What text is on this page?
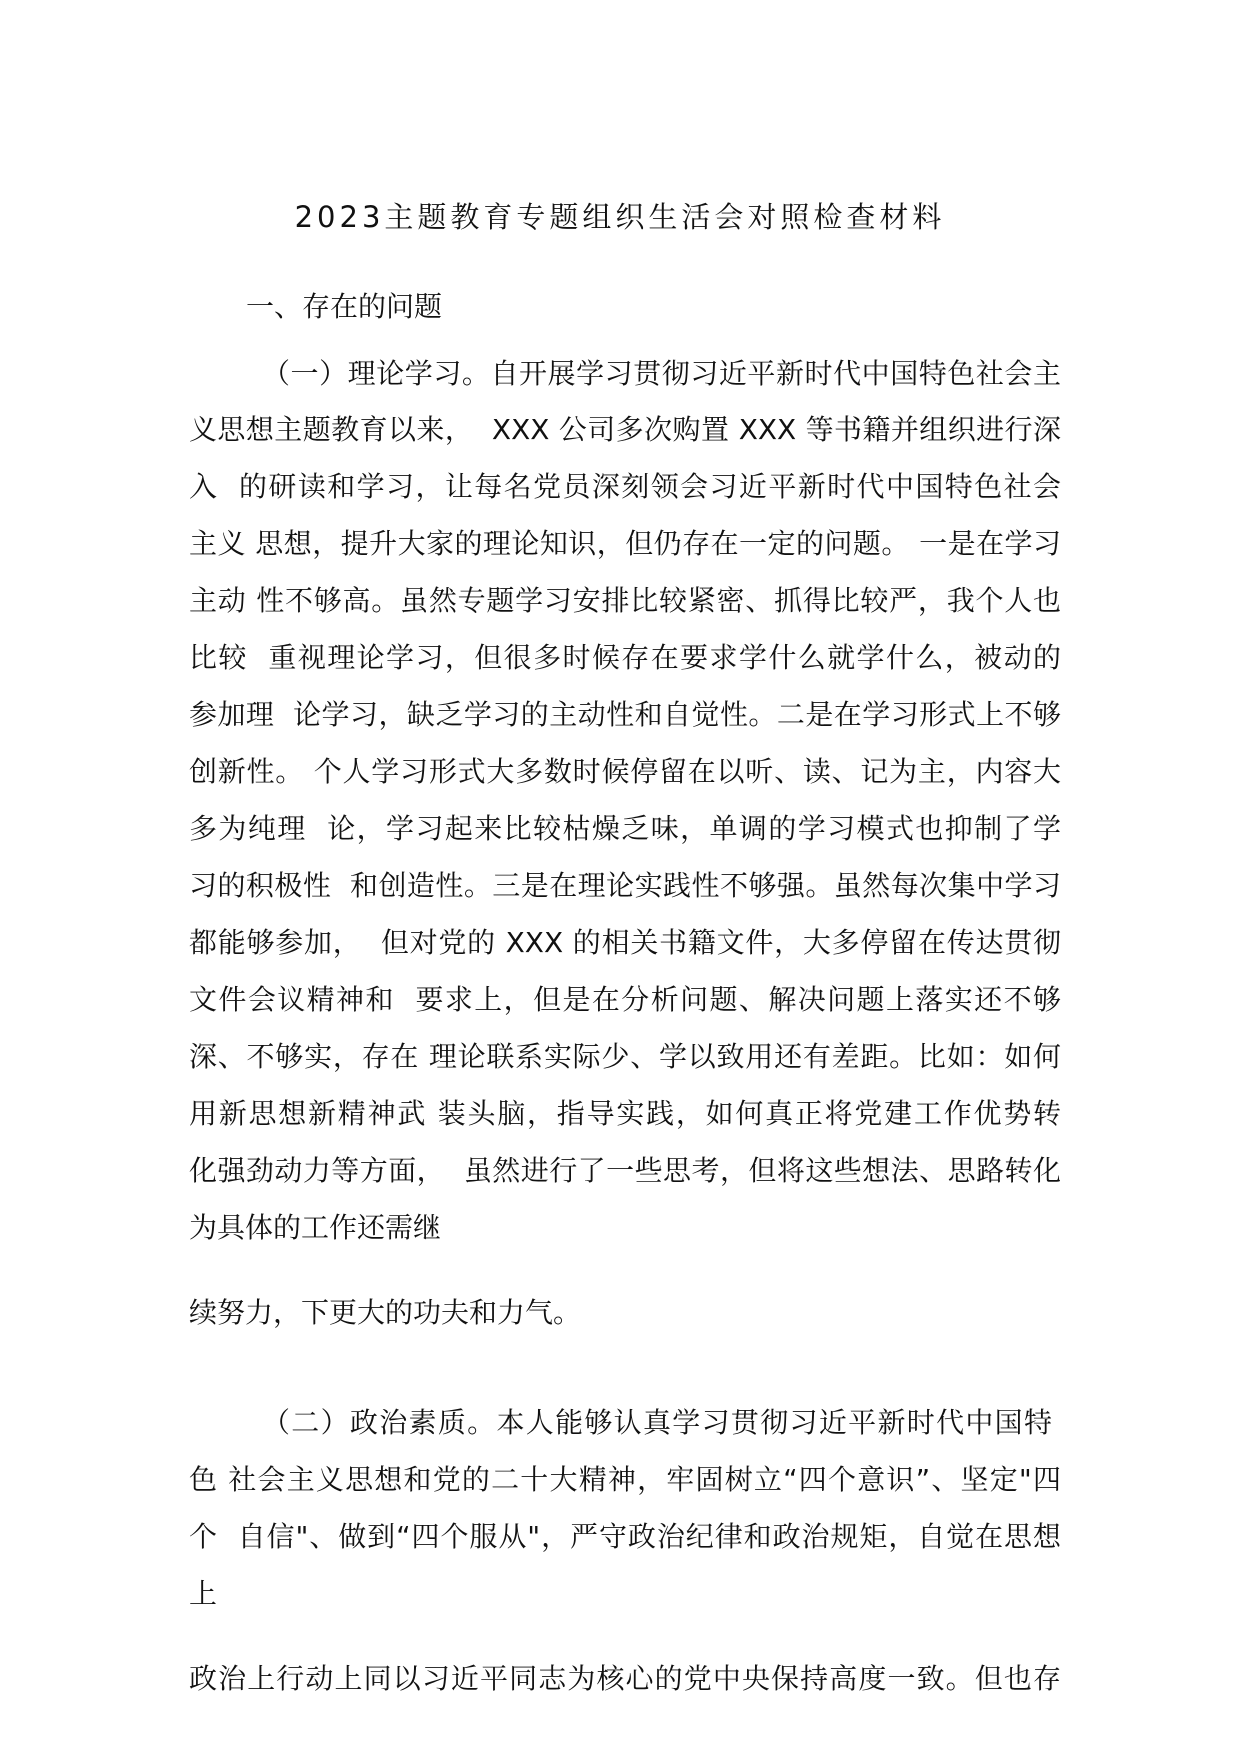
2023主题教育专题组织生活会对照检查材料
一、存在的问题
（一）理论学习。自开展学习贯彻习近平新时代中国特色社会主
义思想主题教育以来，  XXX 公司多次购置 XXX 等书籍并组织进行深
入  的研读和学习，让每名党员深刻领会习近平新时代中国特色社会
主义 思想，提升大家的理论知识，但仍存在一定的问题。 一是在学习
主动 性不够高。虽然专题学习安排比较紧密、抓得比较严，我个人也
比较  重视理论学习，但很多时候存在要求学什么就学什么，被动的
参加理  论学习，缺乏学习的主动性和自觉性。二是在学习形式上不够
创新性。 个人学习形式大多数时候停留在以听、读、记为主，内容大
多为纯理  论，学习起来比较枯燥乏味，单调的学习模式也抑制了学
习的积极性  和创造性。三是在理论实践性不够强。虽然每次集中学习
都能够参加，  但对党的 XXX 的相关书籍文件，大多停留在传达贯彻
文件会议精神和  要求上，但是在分析问题、解决问题上落实还不够
深、不够实，存在 理论联系实际少、学以致用还有差距。比如：如何
用新思想新精神武 装头脑，指导实践，如何真正将党建工作优势转
化强劲动力等方面，  虽然进行了一些思考，但将这些想法、思路转化
为具体的工作还需继
续努力，下更大的功夫和力气。
（二）政治素质。本人能够认真学习贯彻习近平新时代中国特
色 社会主义思想和党的二十大精神，牢固树立“四个意识”、坚定"四
个  自信"、做到“四个服从"，严守政治纪律和政治规矩，自觉在思想
上
政治上行动上同以习近平同志为核心的党中央保持高度一致。但也存
